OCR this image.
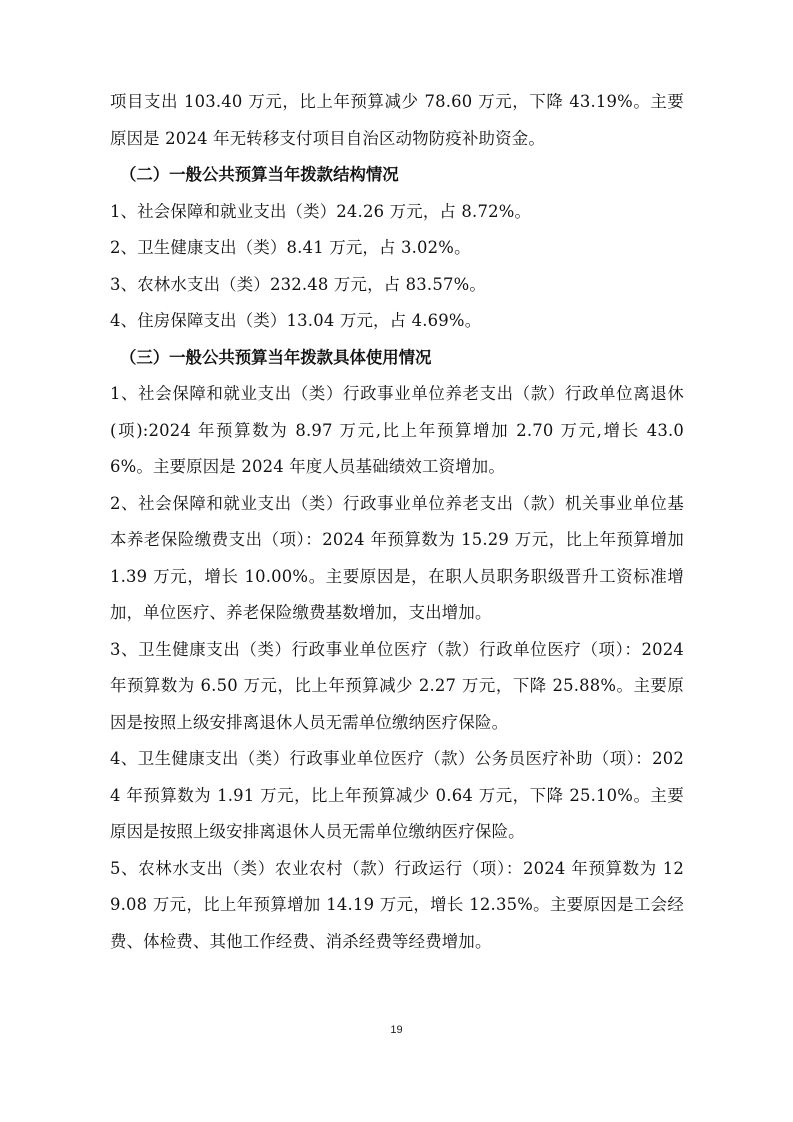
项目支出 103.40 万元，比上年预算减少 78.60 万元，下降 43.19%。主要原因是 2024 年无转移支付项目自治区动物防疫补助资金。

（二）一般公共预算当年拨款结构情况

1、社会保障和就业支出（类）24.26 万元，占 8.72%。

2、卫生健康支出（类）8.41 万元，占 3.02%。

3、农林水支出（类）232.48 万元，占 83.57%。

4、住房保障支出（类）13.04 万元，占 4.69%。

（三）一般公共预算当年拨款具体使用情况

1、社会保障和就业支出（类）行政事业单位养老支出（款）行政单位离退休(项):2024 年预算数为 8.97 万元,比上年预算增加 2.70 万元,增长 43.06%。主要原因是 2024 年度人员基础绩效工资增加。

2、社会保障和就业支出（类）行政事业单位养老支出（款）机关事业单位基本养老保险缴费支出（项）：2024 年预算数为 15.29 万元，比上年预算增加 1.39 万元，增长 10.00%。主要原因是，在职人员职务职级晋升工资标准增加，单位医疗、养老保险缴费基数增加，支出增加。

3、卫生健康支出（类）行政事业单位医疗（款）行政单位医疗（项）：2024 年预算数为 6.50 万元，比上年预算减少 2.27 万元，下降 25.88%。主要原因是按照上级安排离退休人员无需单位缴纳医疗保险。

4、卫生健康支出（类）行政事业单位医疗（款）公务员医疗补助（项）：2024 年预算数为 1.91 万元，比上年预算减少 0.64 万元，下降 25.10%。主要原因是按照上级安排离退休人员无需单位缴纳医疗保险。

5、农林水支出（类）农业农村（款）行政运行（项）：2024 年预算数为 129.08 万元，比上年预算增加 14.19 万元，增长 12.35%。主要原因是工会经费、体检费、其他工作经费、消杀经费等经费增加。

19
